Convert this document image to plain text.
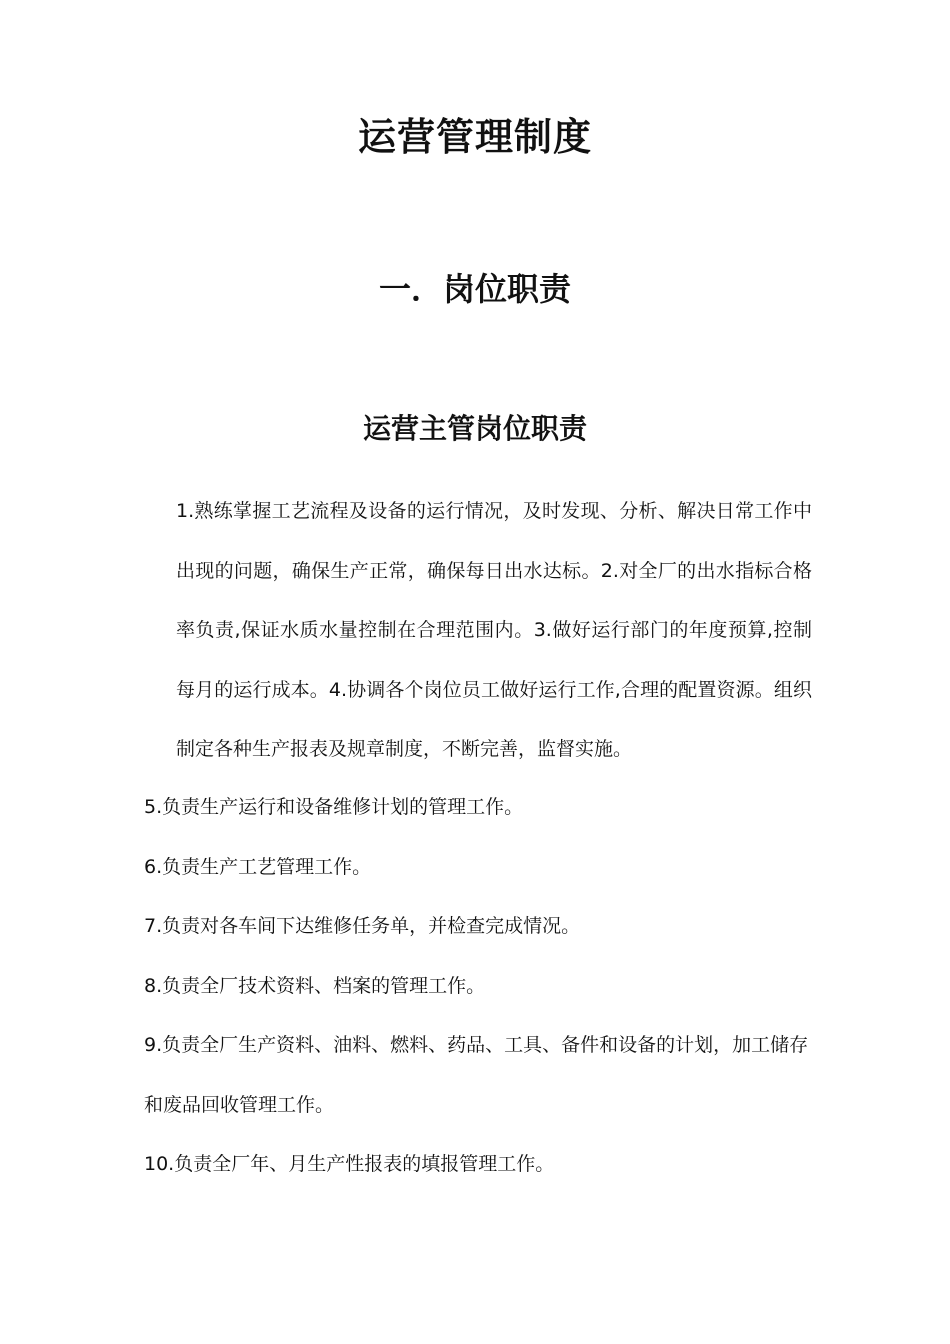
运营管理制度
一．岗位职责
运营主管岗位职责

1.熟练掌握工艺流程及设备的运行情况，及时发现、分析、解决日常工作中出现的问题，确保生产正常，确保每日出水达标。2.对全厂的出水指标合格率负责,保证水质水量控制在合理范围内。3.做好运行部门的年度预算,控制每月的运行成本。4.协调各个岗位员工做好运行工作,合理的配置资源。组织制定各种生产报表及规章制度，不断完善，监督实施。

5.负责生产运行和设备维修计划的管理工作。
6.负责生产工艺管理工作。
7.负责对各车间下达维修任务单，并检查完成情况。
8.负责全厂技术资料、档案的管理工作。
9.负责全厂生产资料、油料、燃料、药品、工具、备件和设备的计划，加工储存和废品回收管理工作。
10.负责全厂年、月生产性报表的填报管理工作。
